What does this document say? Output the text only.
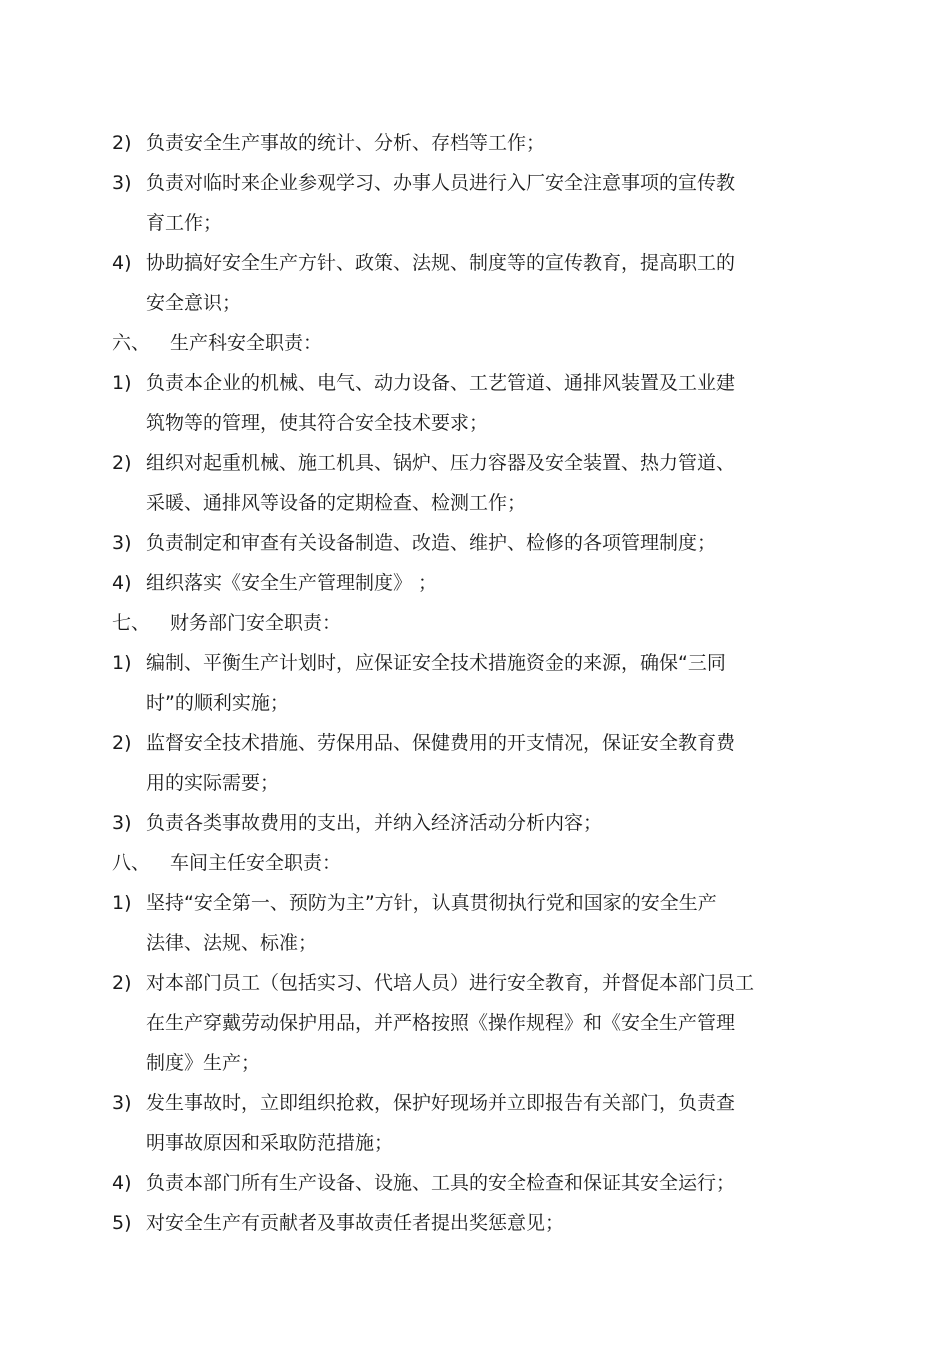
2) 负责安全生产事故的统计、分析、存档等工作；
3) 负责对临时来企业参观学习、办事人员进行入厂安全注意事项的宣传教
育工作；
4) 协助搞好安全生产方针、政策、法规、制度等的宣传教育，提高职工的
安全意识；
六、 生产科安全职责：
1) 负责本企业的机械、电气、动力设备、工艺管道、通排风装置及工业建
筑物等的管理，使其符合安全技术要求；
2) 组织对起重机械、施工机具、锅炉、压力容器及安全装置、热力管道、
采暖、通排风等设备的定期检查、检测工作；
3) 负责制定和审查有关设备制造、改造、维护、检修的各项管理制度；
4) 组织落实《安全生产管理制度》 ；
七、 财务部门安全职责：
1) 编制、平衡生产计划时，应保证安全技术措施资金的来源，确保“三同
时”的顺利实施；
2) 监督安全技术措施、劳保用品、保健费用的开支情况，保证安全教育费
用的实际需要；
3) 负责各类事故费用的支出，并纳入经济活动分析内容；
八、 车间主任安全职责：
1) 坚持“安全第一、预防为主”方针，认真贯彻执行党和国家的安全生产
法律、法规、标准；
2) 对本部门员工（包括实习、代培人员）进行安全教育，并督促本部门员工
在生产穿戴劳动保护用品，并严格按照《操作规程》和《安全生产管理
制度》生产；
3) 发生事故时，立即组织抢救，保护好现场并立即报告有关部门，负责查
明事故原因和采取防范措施；
4) 负责本部门所有生产设备、设施、工具的安全检查和保证其安全运行；
5) 对安全生产有贡献者及事故责任者提出奖惩意见；
